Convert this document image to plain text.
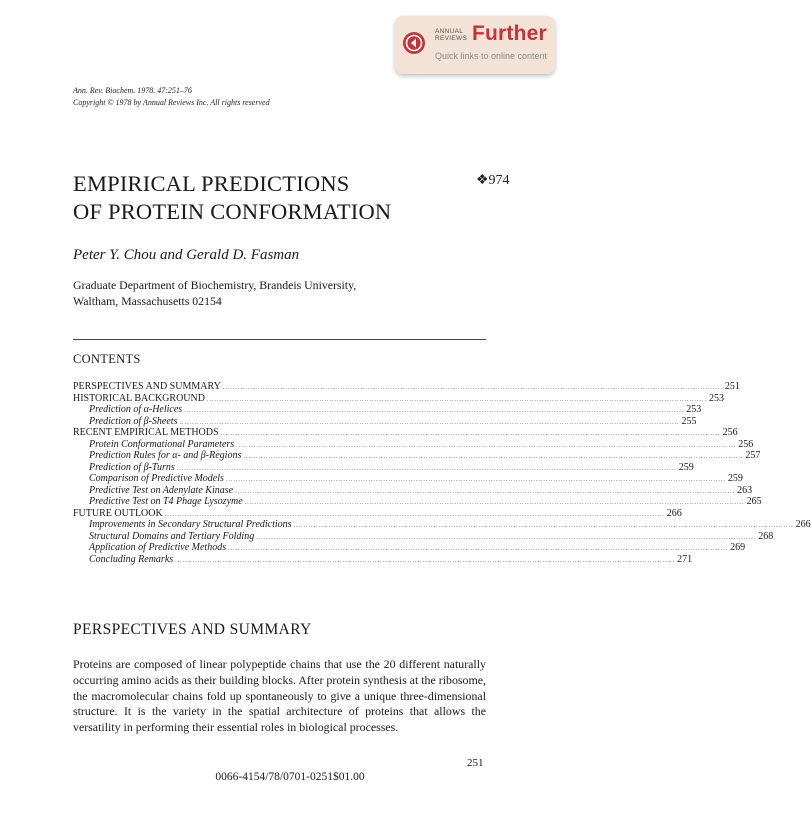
ANNUAL
REVIEWS Further
Quick links to online content
Ann. Rev. Biochem. 1978. 47:251–76
Copyright © 1978 by Annual Reviews Inc. All rights reserved
EMPIRICAL PREDICTIONS
OF PROTEIN CONFORMATION
❖974
Peter Y. Chou and Gerald D. Fasman
Graduate Department of Biochemistry, Brandeis University,
Waltham, Massachusetts 02154
CONTENTS
PERSPECTIVES AND SUMMARY ........................................................................................................................................................................................................ 251
HISTORICAL BACKGROUND ........................................................................................................................................................................................................ 253
Prediction of α-Helices ........................................................................................................................................................................................................ 253
Prediction of β-Sheets ........................................................................................................................................................................................................ 255
RECENT EMPIRICAL METHODS ........................................................................................................................................................................................................ 256
Protein Conformational Parameters ........................................................................................................................................................................................................ 256
Prediction Rules for α- and β-Regions ........................................................................................................................................................................................................ 257
Prediction of β-Turns ........................................................................................................................................................................................................ 259
Comparison of Predictive Models ........................................................................................................................................................................................................ 259
Predictive Test on Adenylate Kinase ........................................................................................................................................................................................................ 263
Predictive Test on T4 Phage Lysozyme ........................................................................................................................................................................................................ 265
FUTURE OUTLOOK ........................................................................................................................................................................................................ 266
Improvements in Secondary Structural Predictions ........................................................................................................................................................................................................ 266
Structural Domains and Tertiary Folding ........................................................................................................................................................................................................ 268
Application of Predictive Methods ........................................................................................................................................................................................................ 269
Concluding Remarks ........................................................................................................................................................................................................ 271
PERSPECTIVES AND SUMMARY
Proteins are composed of linear polypeptide chains that use the 20 different naturally occurring amino acids as their building blocks. After protein synthesis at the ribosome, the macromolecular chains fold up spontaneously to give a unique three-dimensional structure. It is the variety in the spatial architecture of proteins that allows the versatility in performing their essential roles in biological processes.
251
0066-4154/78/0701-0251$01.00
